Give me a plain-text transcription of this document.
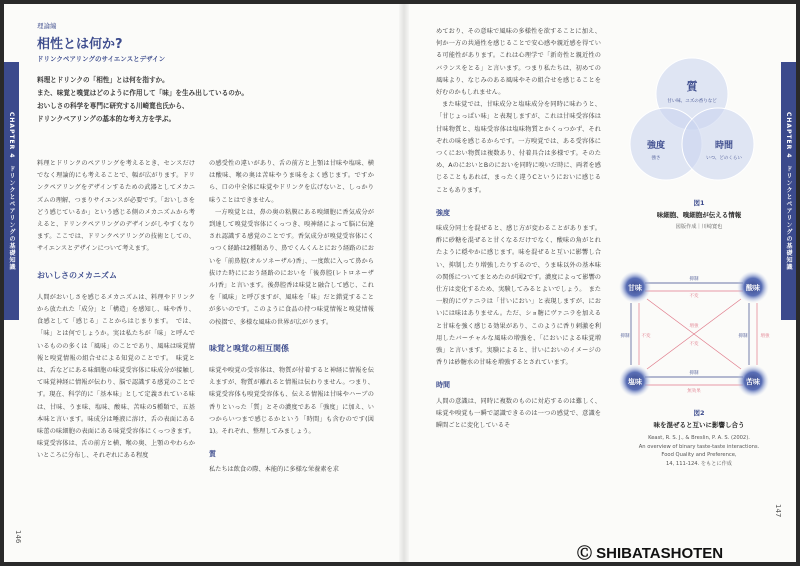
CHAPTER 4　ドリンクとペアリングの基礎知識
理論編
相性とは何か?
ドリンクペアリングのサイエンスとデザイン
料理とドリンクの「相性」とは何を指すか。
また、味覚と嗅覚はどのように作用して「味」を生み出しているのか。
おいしさの科学を専門に研究する川崎寛也氏から、
ドリンクペアリングの基本的な考え方を学ぶ。
料理とドリンクのペアリングを考えるとき、センスだけでなく理論的にも考えることで、幅が広がります。ドリンクペアリングをデザインするための武器としてメカニズムの理解、つまりサイエンスが必要です。「おいしさをどう感じているか」という感じる側のメカニズムから考えると、ドリンクペアリングのデザインがしやすくなります。ここでは、ドリンクペアリングの技術としての、サイエンスとデザインについて考えます。
おいしさのメカニズム
人間がおいしさを感じるメカニズムは、料理やドリンクから放たれた「成分」と「構造」を感知し、味や香り、食感として「感じる」ことからはじまります。　では、「味」とは何でしょうか。実は私たちが「味」と呼んでいるものの多くは「風味」のことであり、風味は味覚情報と嗅覚情報の組合せによる知覚のことです。　味覚とは、舌などにある味細胞の味覚受容体に味成分が接触して味覚神経に情報が伝わり、脳で認識する感覚のことです。現在、科学的に「基本味」として定義されている味は、甘味、うま味、塩味、酸味、苦味の5種類で、五基本味と言います。味成分は唾液に溶け、舌の表面にある味蕾の味細胞の表面にある味覚受容体にくっつきます。味覚受容体は、舌の前方と横、喉の奥、上顎のやわらかいところに分布し、それぞれにある程度
の感受性の違いがあり、舌の前方と上顎は甘味や塩味、横は酸味、喉の奥は苦味やうま味をよく感じます。ですから、口の中全体に味覚やドリンクを広げないと、しっかり味うことはできません。
一方嗅覚とは、鼻の奥の粘膜にある嗅細胞に香気成分が到達して嗅覚受容体にくっつき、嗅神経によって脳に伝達され認識する感覚のことです。香気成分が嗅覚受容体にくっつく経路は2種類あり、鼻でくんくんとにおう経路のにおいを「前鼻腔(オルソネーザル)香」、一度飲に入って鼻から抜けた時ににおう経路のにおいを「後鼻腔(レトロネーザル)香」と言います。後鼻腔香は味覚と融合して感じ、これを「風味」と呼びますが、風味を「味」だと錯覚することが多いのです。このように食品の持つ味覚情報と嗅覚情報の按摺で、多様な風味の世界が広がります。
味覚と嗅覚の相互関係
味覚や嗅覚の受容体は、物質が付着すると神経に情報を伝えますが、物質が離れると情報は伝わりません。つまり、味覚受容体も嗅覚受容体も、伝える情報は甘味やハーブの香りといった「質」とその濃度である「強度」に加え、いつからいつまで感じるかという「時間」も含むのです(図1)。それぞれ、整理してみましょう。
質
私たちは飲食の際、本能的に多様な栄養素を求
146
CHAPTER 4　ドリンクとペアリングの基礎知識
めており、その意味で風味の多様性を欲することに加え、何か一方の共通性を感じることで安心感や親近感を得ている可能性があります。これは心理学で「新奇性と親近性のバランスをとる」と言います。つまり私たちは、初めての風味より、なじみのある風味やその組合せを感じることを好むのかもしれません。
また味覚では、甘味成分と塩味成分を同時に味わうと、「甘じょっぱい味」と表現しますが、これは甘味受容体は甘味物質と、塩味受容体は塩味物質とかくっつかず、それぞれの味を感じるからです。一方嗅覚では、ある受容体につくにおい物質は複数あり、付着具合は多様です。そのため、AのにおいとBのにおいを同時に嗅いだ時に、両者を感じることもあれば、まったく違うCというにおいに感じることもあります。
強度
味成分同士を混ぜると、感じ方が変わることがあります。酢に砂糖を混ぜると甘くなるだけでなく、酸味の角がとれたように穏やかに感じます。味を混ぜると互いに影響し合い、抑制したり増強したりするので、うま味以外の基本味の関係についてまとめたのが図2です。濃度によって影響の仕方は変化するため、実験してみるとよいでしょう。　また一般的にヴァニラは「甘いにおい」と表現しますが、においには味はありません。ただ、ショ糖にヴァニラを加えると甘味を強く感じる効果があり、このように香り刺激を利用したバーチャルな風味の増強を、「においによる味覚増強」と言います。実験によると、甘いにおいのイメージの香りは砂糖水の甘味を増強するとされています。
時間
人間の意識は、同時に複数のものに対応するのは難しく、味覚や嗅覚も一瞬で認識できるのは一つの感覚で、意識を瞬間ごとに変化しているそ
質
甘い味、ユズの香りなど
強度
強さ
時間
いつ、どのくらい
図1
味細胞、嗅細胞が伝える情報
図版作成｜川崎寛也
甘味	酸味
塩味	苦味
抑制
不変
抑制
無効果
抑制	不変	抑制	増強
増強
不変
図2
味を混ぜると互いに影響し合う
Keast, R. S. J., & Breslin, P. A. S. (2002).
An overview of binary taste-taste interactions.
Food Quality and Preference,
14, 111-124. をもとに作成
147
Ⓒ SHIBATASHOTEN
